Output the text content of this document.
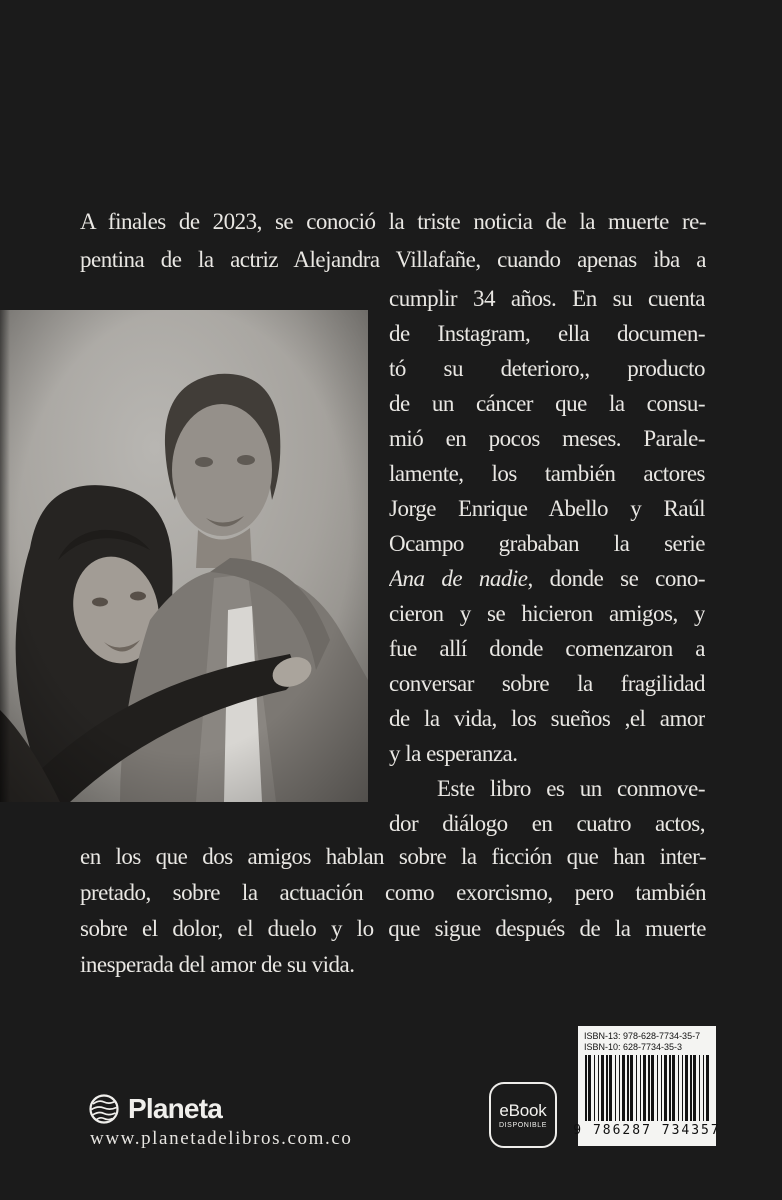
A finales de 2023, se conoció la triste noticia de la muerte re-
pentina de la actriz Alejandra Villafañe, cuando apenas iba a
cumplir 34 años. En su cuenta
de Instagram, ella documen-
tó su deterioro,, producto
de un cáncer que la consu-
mió en pocos meses. Parale-
lamente, los también actores
Jorge Enrique Abello y Raúl
Ocampo grababan la serie
Ana de nadie, donde se cono-
cieron y se hicieron amigos, y
fue allí donde comenzaron a
conversar sobre la fragilidad
de la vida, los sueños ,el amor
y la esperanza.
Este libro es un conmove-
dor diálogo en cuatro actos,
en los que dos amigos hablan sobre la ficción que han inter-
pretado, sobre la actuación como exorcismo, pero también
sobre el dolor, el duelo y lo que sigue después de la muerte
inesperada del amor de su vida.
Planeta
www.planetadelibros.com.co
eBook
DISPONIBLE
ISBN-13: 978-628-7734-35-7
ISBN-10: 628-7734-35-3
9 786287 734357
